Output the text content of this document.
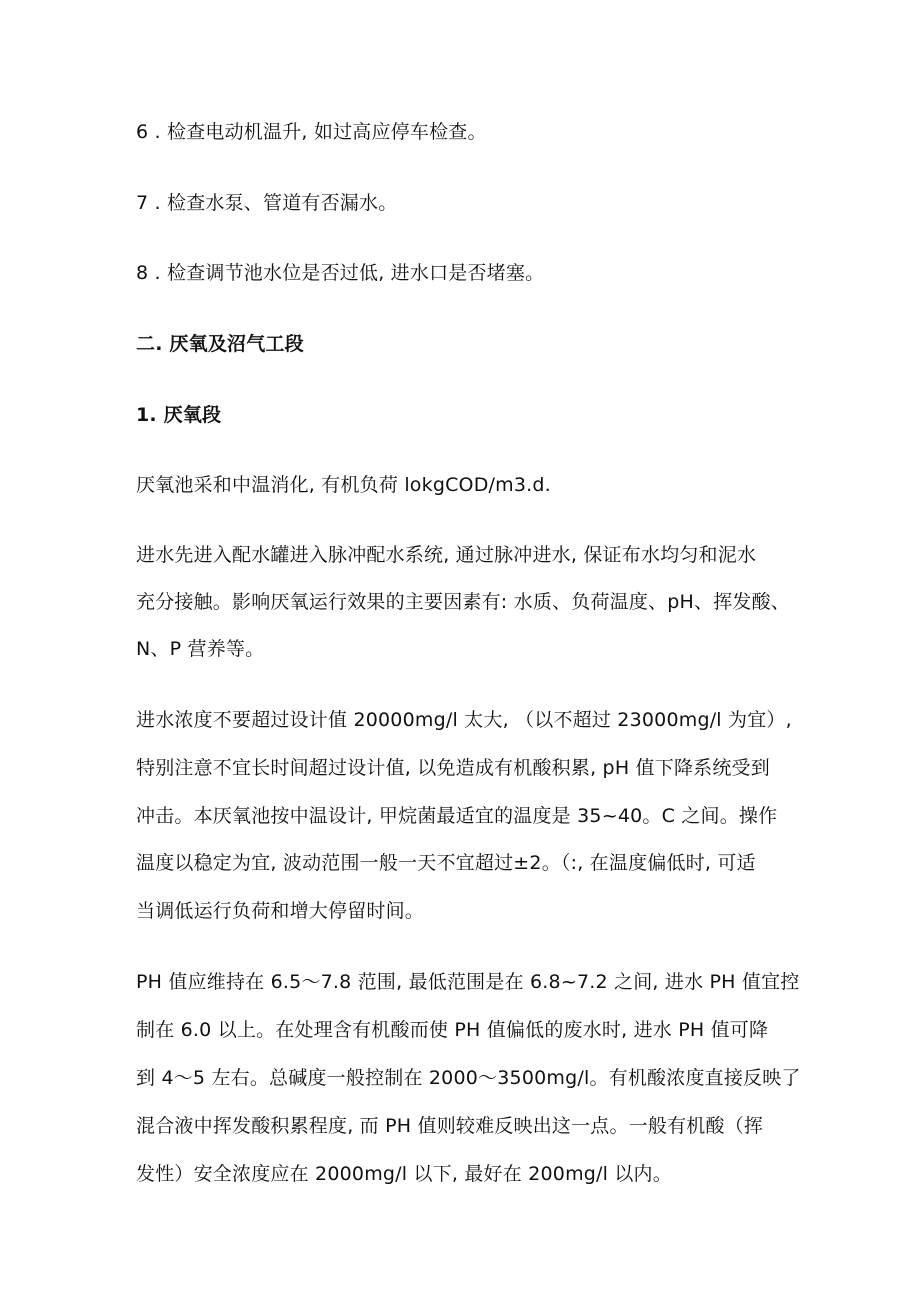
6 . 检查电动机温升, 如过高应停车检查。
7 . 检查水泵、管道有否漏水。
8 . 检查调节池水位是否过低, 进水口是否堵塞。
二. 厌氧及沼气工段
1. 厌氧段
厌氧池采和中温消化, 有机负荷 lokgCOD/m3.d.
进水先进入配水罐进入脉冲配水系统, 通过脉冲进水, 保证布水均匀和泥水
充分接触。影响厌氧运行效果的主要因素有: 水质、负荷温度、pH、挥发酸、
N、P 营养等。
进水浓度不要超过设计值 20000mg/l 太大, （以不超过 23000mg/l 为宜）,
特别注意不宜长时间超过设计值, 以免造成有机酸积累, pH 值下降系统受到
冲击。本厌氧池按中温设计, 甲烷菌最适宜的温度是 35~40。C 之间。操作
温度以稳定为宜, 波动范围一般一天不宜超过±2。（:, 在温度偏低时, 可适
当调低运行负荷和增大停留时间。
PH 值应维持在 6.5～7.8 范围, 最低范围是在 6.8~7.2 之间, 进水 PH 值宜控
制在 6.0 以上。在处理含有机酸而使 PH 值偏低的废水时, 进水 PH 值可降
到 4～5 左右。总碱度一般控制在 2000～3500mg/l。有机酸浓度直接反映了
混合液中挥发酸积累程度, 而 PH 值则较难反映出这一点。一般有机酸（挥
发性）安全浓度应在 2000mg/l 以下, 最好在 200mg/l 以内。
